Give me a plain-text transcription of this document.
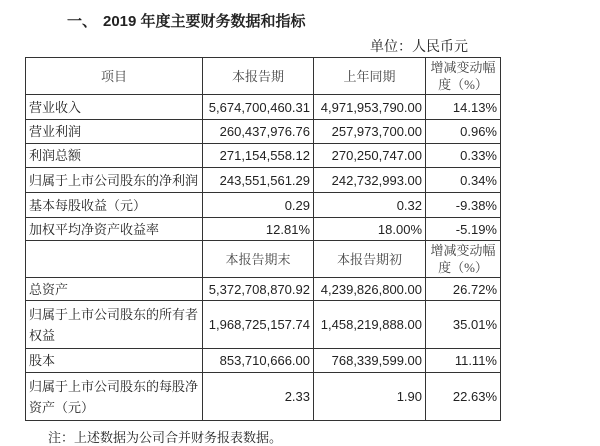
一、 2019 年度主要财务数据和指标
单位：人民币元
项目	本报告期	上年同期	增减变动幅度（%）
营业收入	5,674,700,460.31	4,971,953,790.00	14.13%
营业利润	260,437,976.76	257,973,700.00	0.96%
利润总额	271,154,558.12	270,250,747.00	0.33%
归属于上市公司股东的净利润	243,551,561.29	242,732,993.00	0.34%
基本每股收益（元）	0.29	0.32	-9.38%
加权平均净资产收益率	12.81%	18.00%	-5.19%
	本报告期末	本报告期初	增减变动幅度（%）
总资产	5,372,708,870.92	4,239,826,800.00	26.72%
归属于上市公司股东的所有者权益	1,968,725,157.74	1,458,219,888.00	35.01%
股本	853,710,666.00	768,339,599.00	11.11%
归属于上市公司股东的每股净资产（元）	2.33	1.90	22.63%
注：上述数据为公司合并财务报表数据。
